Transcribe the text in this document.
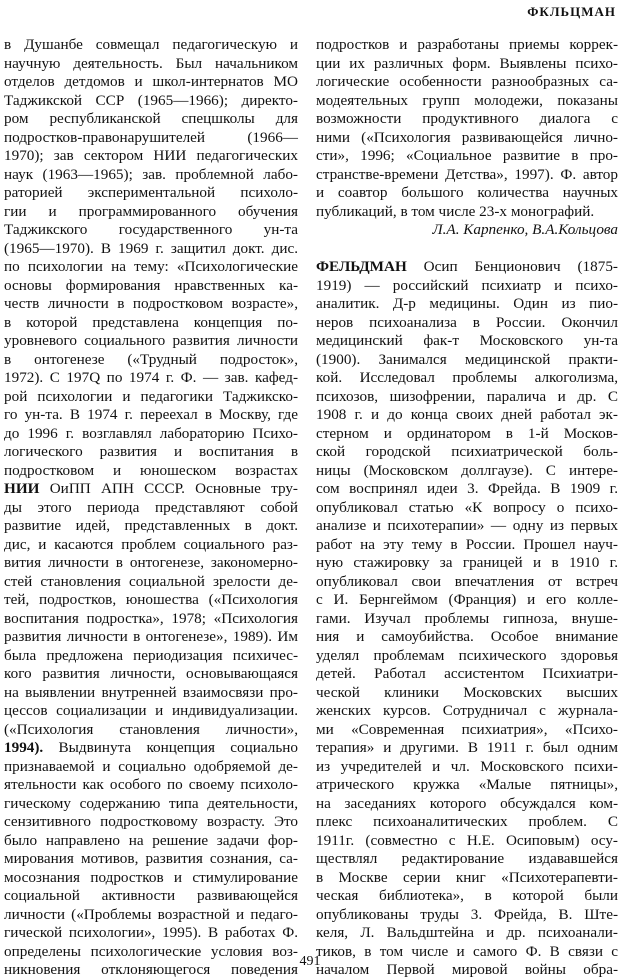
ФКЛЬЦМАН

в Душанбе совмещал педагогическую и
научную деятельность. Был начальником
отделов детдомов и школ-интернатов МО
Таджикской ССР (1965—1966); директо-
ром республиканской спецшколы для
подростков-правонарушителей (1966—
1970); зав сектором НИИ педагогических
наук (1963—1965); зав. проблемной лабо-
раторией экспериментальной психоло-
гии и программированного обучения
Таджикского государственного ун-та
(1965—1970). В 1969 г. защитил докт. дис.
по психологии на тему: «Психологические
основы формирования нравственных ка-
честв личности в подростковом возрасте»,
в которой представлена концепция по-
уровневого социального развития личности
в онтогенезе («Трудный подросток»,
1972). С 197Q по 1974 г. Ф. — зав. кафед-
рой психологии и педагогики Таджикско-
го ун-та. В 1974 г. переехал в Москву, где
до 1996 г. возглавлял лабораторию Психо-
логического развития и воспитания в
подростковом и юношеском возрастах
НИИ ОиПП АПН СССР. Основные тру-
ды этого периода представляют собой
развитие идей, представленных в докт.
дис, и касаются проблем социального раз-
вития личности в онтогенезе, закономерно-
стей становления социальной зрелости де-
тей, подростков, юношества («Психология
воспитания подростка», 1978; «Психология
развития личности в онтогенезе», 1989). Им
была предложена периодизация психичес-
кого развития личности, основывающаяся
на выявлении внутренней взаимосвязи про-
цессов социализации и индивидуализации.
(«Психология становления личности»,
1994). Выдвинута концепция социально
признаваемой и социально одобряемой де-
ятельности как особого по своему психоло-
гическому содержанию типа деятельности,
сензитивного подростковому возрасту. Это
было направлено на решение задачи фор-
мирования мотивов, развития сознания, са-
мосознания подростков и стимулирование
социальной активности развивающейся
личности («Проблемы возрастной и педаго-
гической психологии», 1995). В работах Ф.
определены психологические условия воз-
никновения отклоняющегося поведения
подростков и разработаны приемы коррек-
ции их различных форм. Выявлены психо-
логические особенности разнообразных са-
модеятельных групп молодежи, показаны
возможности продуктивного диалога с
ними («Психология развивающейся лично-
сти», 1996; «Социальное развитие в про-
странстве-времени Детства», 1997). Ф. автор
и соавтор большого количества научных
публикаций, в том числе 23-х монографий.
Л.А. Карпенко, В.А.Кольцова
ФЕЛЬДМАН Осип Бенционович (1875-
1919) — российский психиатр и психо-
аналитик. Д-р медицины. Один из пио-
неров психоанализа в России. Окончил
медицинский фак-т Московского ун-та
(1900). Занимался медицинской практи-
кой. Исследовал проблемы алкоголизма,
психозов, шизофрении, паралича и др. С
1908 г. и до конца своих дней работал эк-
стерном и ординатором в 1-й Москов-
ской городской психиатрической боль-
ницы (Московском доллгаузе). С интере-
сом воспринял идеи 3. Фрейда. В 1909 г.
опубликовал статью «К вопросу о психо-
анализе и психотерапии» — одну из первых
работ на эту тему в России. Прошел науч-
ную стажировку за границей и в 1910 г.
опубликовал свои впечатления от встреч
с И. Бернгеймом (Франция) и его колле-
гами. Изучал проблемы гипноза, внуше-
ния и самоубийства. Особое внимание
уделял проблемам психического здоровья
детей. Работал ассистентом Психиатри-
ческой клиники Московских высших
женских курсов. Сотрудничал с журнала-
ми «Современная психиатрия», «Психо-
терапия» и другими. В 1911 г. был одним
из учредителей и чл. Московского психи-
атрического кружка «Малые пятницы»,
на заседаниях которого обсуждался ком-
плекс психоаналитических проблем. С
1911г. (совместно с Н.Е. Осиповым) осу-
ществлял редактирование издававшейся
в Москве серии книг «Психотерапевти-
ческая библиотека», в которой были
опубликованы труды 3. Фрейда, В. Ште-
келя, Л. Вальдштейна и др. психоанали-
тиков, в том числе и самого Ф. В связи с
началом Первой мировой войны обра-

491
